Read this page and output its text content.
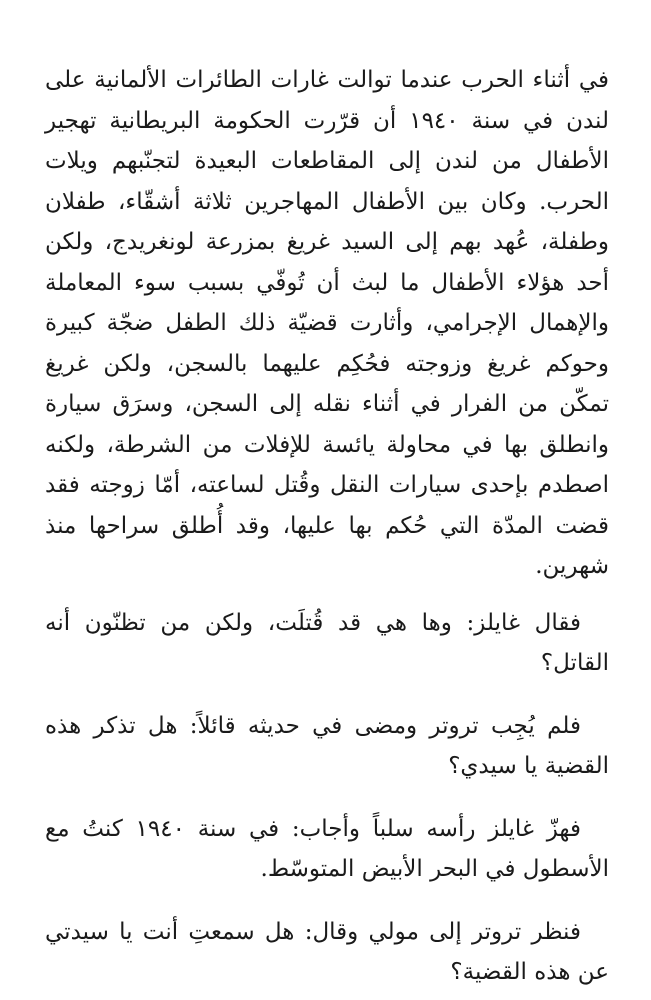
في أثناء الحرب عندما توالت غارات الطائرات الألمانية على لندن في سنة ١٩٤٠ أن قرّرت الحكومة البريطانية تهجير الأطفال من لندن إلى المقاطعات البعيدة لتجنّبهم ويلات الحرب. وكان بين الأطفال المهاجرين ثلاثة أشقّاء، طفلان وطفلة، عُهد بهم إلى السيد غريغ بمزرعة لونغريدج، ولكن أحد هؤلاء الأطفال ما لبث أن تُوفّي بسبب سوء المعاملة والإهمال الإجرامي، وأثارت قضيّة ذلك الطفل ضجّة كبيرة وحوكم غريغ وزوجته فحُكِم عليهما بالسجن، ولكن غريغ تمكّن من الفرار في أثناء نقله إلى السجن، وسرَق سيارة وانطلق بها في محاولة يائسة للإفلات من الشرطة، ولكنه اصطدم بإحدى سيارات النقل وقُتل لساعته، أمّا زوجته فقد قضت المدّة التي حُكم بها عليها، وقد أُطلق سراحها منذ شهرين.

فقال غايلز: وها هي قد قُتلَت، ولكن من تظنّون أنه القاتل؟

فلم يُجِب تروتر ومضى في حديثه قائلاً: هل تذكر هذه القضية يا سيدي؟

فهزّ غايلز رأسه سلباً وأجاب: في سنة ١٩٤٠ كنتُ مع الأسطول في البحر الأبيض المتوسّط.

فنظر تروتر إلى مولي وقال: هل سمعتِ أنت يا سيدتي عن هذه القضية؟
